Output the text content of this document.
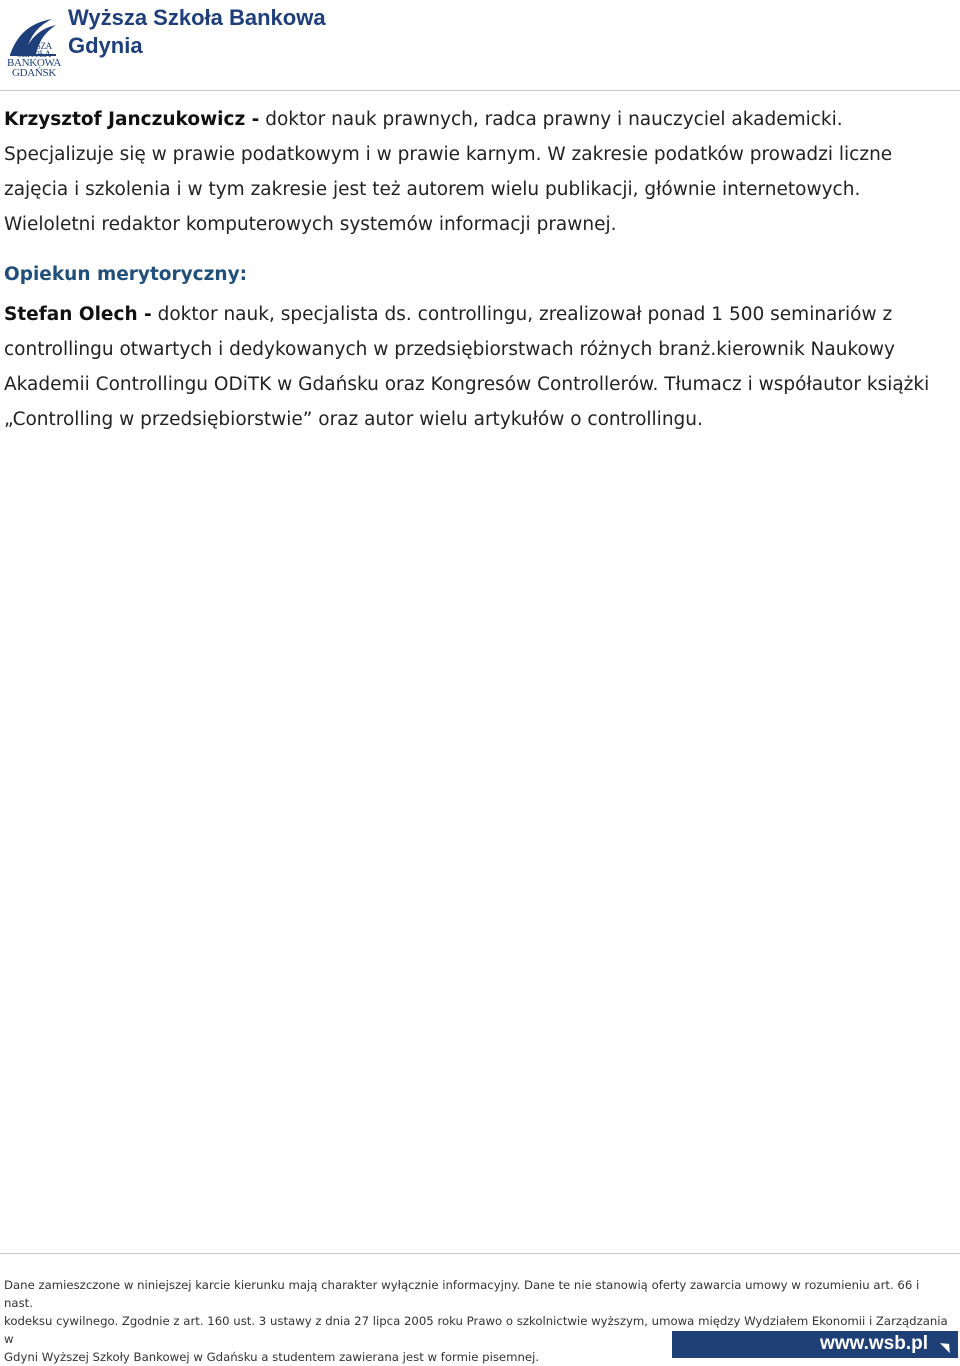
WYŻSZA SZKOŁA
BANKOWA
GDAŃSK
Wyższa Szkoła Bankowa
Gdynia

Krzysztof Janczukowicz - doktor nauk prawnych, radca prawny i nauczyciel akademicki. Specjalizuje się w prawie podatkowym i w prawie karnym. W zakresie podatków prowadzi liczne zajęcia i szkolenia i w tym zakresie jest też autorem wielu publikacji, głównie internetowych. Wieloletni redaktor komputerowych systemów informacji prawnej.

Opiekun merytoryczny:

Stefan Olech - doktor nauk, specjalista ds. controllingu, zrealizował ponad 1 500 seminariów z controllingu otwartych i dedykowanych w przedsiębiorstwach różnych branż.kierownik Naukowy Akademii Controllingu ODiTK w Gdańsku oraz Kongresów Controllerów. Tłumacz i współautor książki „Controlling w przedsiębiorstwie” oraz autor wielu artykułów o controllingu.

Dane zamieszczone w niniejszej karcie kierunku mają charakter wyłącznie informacyjny. Dane te nie stanowią oferty zawarcia umowy w rozumieniu art. 66 i nast.

kodeksu cywilnego. Zgodnie z art. 160 ust. 3 ustawy z dnia 27 lipca 2005 roku Prawo o szkolnictwie wyższym, umowa między Wydziałem Ekonomii i Zarządzania w

Gdyni Wyższej Szkoły Bankowej w Gdańsku a studentem zawierana jest w formie pisemnej.

www.wsb.pl
